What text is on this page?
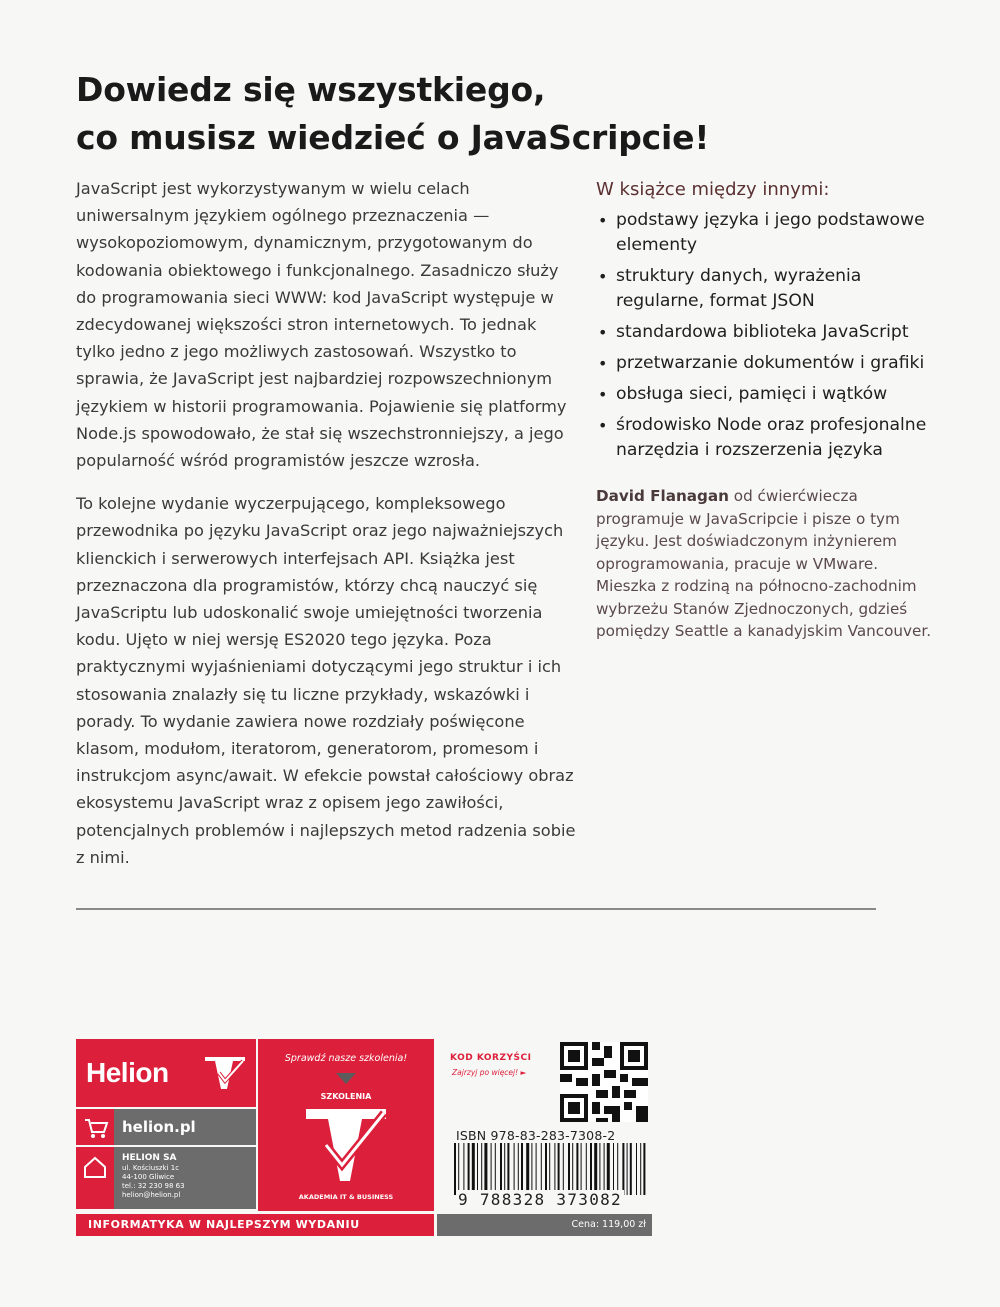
Dowiedz się wszystkiego,
co musisz wiedzieć o JavaScripcie!

JavaScript jest wykorzystywanym w wielu celach uniwersalnym językiem ogólnego przeznaczenia — wysokopoziomowym, dynamicznym, przygotowanym do kodowania obiektowego i funkcjonalnego. Zasadniczo służy do programowania sieci WWW: kod JavaScript występuje w zdecydowanej większości stron internetowych. To jednak tylko jedno z jego możliwych zastosowań. Wszystko to sprawia, że JavaScript jest najbardziej rozpowszechnionym językiem w historii programowania. Pojawienie się platformy Node.js spowodowało, że stał się wszechstronniejszy, a jego popularność wśród programistów jeszcze wzrosła.

To kolejne wydanie wyczerpującego, kompleksowego przewodnika po języku JavaScript oraz jego najważniejszych klienckich i serwerowych interfejsach API. Książka jest przeznaczona dla programistów, którzy chcą nauczyć się JavaScriptu lub udoskonalić swoje umiejętności tworzenia kodu. Ujęto w niej wersję ES2020 tego języka. Poza praktycznymi wyjaśnieniami dotyczącymi jego struktur i ich stosowania znalazły się tu liczne przykłady, wskazówki i porady. To wydanie zawiera nowe rozdziały poświęcone klasom, modułom, iteratorom, generatorom, promesom i instrukcjom async/await. W efekcie powstał całościowy obraz ekosystemu JavaScript wraz z opisem jego zawiłości, potencjalnych problemów i najlepszych metod radzenia sobie z nimi.

W książce między innymi:
• podstawy języka i jego podstawowe elementy
• struktury danych, wyrażenia regularne, format JSON
• standardowa biblioteka JavaScript
• przetwarzanie dokumentów i grafiki
• obsługa sieci, pamięci i wątków
• środowisko Node oraz profesjonalne narzędzia i rozszerzenia języka
David Flanagan od ćwierćwiecza programuje w JavaScripcie i pisze o tym języku. Jest doświadczonym inżynierem oprogramowania, pracuje w VMware. Mieszka z rodziną na północno-zachodnim wybrzeżu Stanów Zjednoczonych, gdzieś pomiędzy Seattle a kanadyjskim Vancouver.
Helion
helion.pl
HELION SA
ul. Kościuszki 1c
44-100 Gliwice
tel.: 32 230 98 63
helion@helion.pl
INFORMATYKA W NAJLEPSZYM WYDANIU
Sprawdź nasze szkolenia!
SZKOLENIA
AKADEMIA IT & BUSINESS
HELIONSZKOLENIA.PL
KOD KORZYŚCI
Zajrzyj po więcej! ►
ISBN 978-83-283-7308-2
9 788328 373082
Cena: 119,00 zł
